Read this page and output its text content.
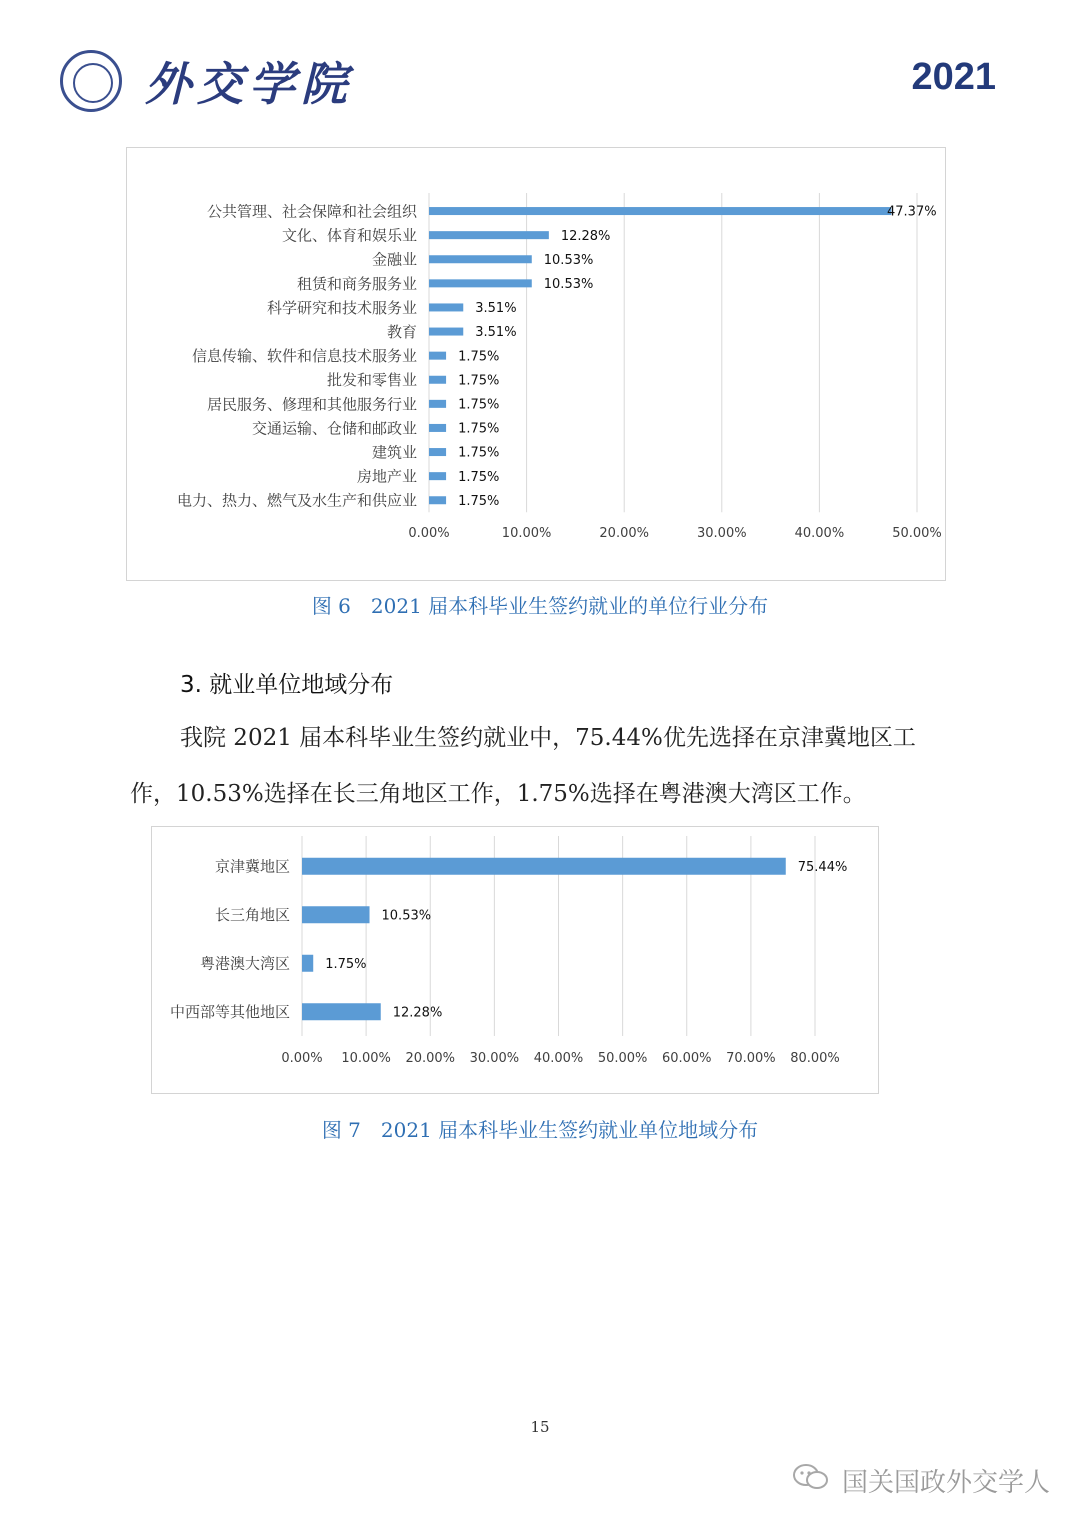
外交学院	2021
0.00%	10.00%	20.00%	30.00%	40.00%	50.00%
公共管理、社会保障和社会组织	47.37%
文化、体育和娱乐业	12.28%
金融业	10.53%
租赁和商务服务业	10.53%
科学研究和技术服务业	3.51%
教育	3.51%
信息传输、软件和信息技术服务业	1.75%
批发和零售业	1.75%
居民服务、修理和其他服务行业	1.75%
交通运输、仓储和邮政业	1.75%
建筑业	1.75%
房地产业	1.75%
电力、热力、燃气及水生产和供应业	1.75%
图 6　2021 届本科毕业生签约就业的单位行业分布
3. 就业单位地域分布
我院 2021 届本科毕业生签约就业中，75.44%优先选择在京津冀地区工作，10.53%选择在长三角地区工作，1.75%选择在粤港澳大湾区工作。
0.00% 10.00% 20.00% 30.00% 40.00% 50.00% 60.00% 70.00% 80.00%
京津冀地区	75.44%
长三角地区	10.53%
粤港澳大湾区	1.75%
中西部等其他地区	12.28%
图 7　2021 届本科毕业生签约就业单位地域分布
15
国关国政外交学人
